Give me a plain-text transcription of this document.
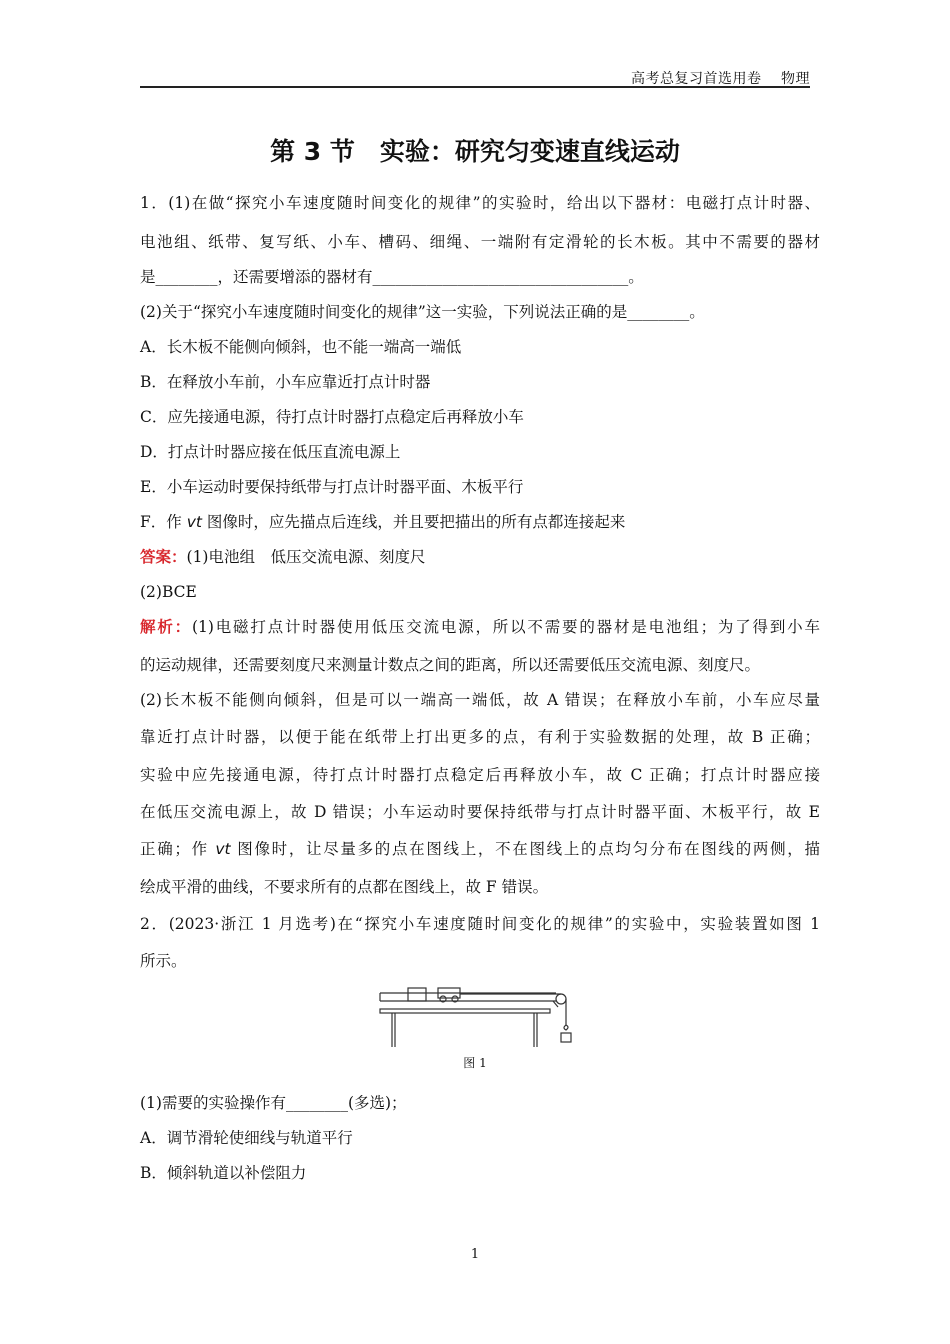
高考总复习首选用卷　 物理
第 3 节　实验：研究匀变速直线运动
1．(1)在做“探究小车速度随时间变化的规律”的实验时，给出以下器材：电磁打点计时器、
电池组、纸带、复写纸、小车、槽码、细绳、一端附有定滑轮的长木板。其中不需要的器材
是________，还需要增添的器材有_________________________________。
(2)关于“探究小车速度随时间变化的规律”这一实验，下列说法正确的是________。
A．长木板不能侧向倾斜，也不能一端高一端低
B．在释放小车前，小车应靠近打点计时器
C．应先接通电源，待打点计时器打点稳定后再释放小车
D．打点计时器应接在低压直流电源上
E．小车运动时要保持纸带与打点计时器平面、木板平行
F．作 vt 图像时，应先描点后连线，并且要把描出的所有点都连接起来
答案：(1)电池组　低压交流电源、刻度尺
(2)BCE
解析：(1)电磁打点计时器使用低压交流电源，所以不需要的器材是电池组；为了得到小车
的运动规律，还需要刻度尺来测量计数点之间的距离，所以还需要低压交流电源、刻度尺。
(2)长木板不能侧向倾斜，但是可以一端高一端低，故 A 错误；在释放小车前，小车应尽量
靠近打点计时器，以便于能在纸带上打出更多的点，有利于实验数据的处理，故 B 正确；
实验中应先接通电源，待打点计时器打点稳定后再释放小车，故 C 正确；打点计时器应接
在低压交流电源上，故 D 错误；小车运动时要保持纸带与打点计时器平面、木板平行，故 E
正确；作 vt 图像时，让尽量多的点在图线上，不在图线上的点均匀分布在图线的两侧，描
绘成平滑的曲线，不要求所有的点都在图线上，故 F 错误。
2．(2023·浙江 1 月选考)在“探究小车速度随时间变化的规律”的实验中，实验装置如图 1
所示。
图 1
(1)需要的实验操作有________(多选)；
A．调节滑轮使细线与轨道平行
B．倾斜轨道以补偿阻力
1
